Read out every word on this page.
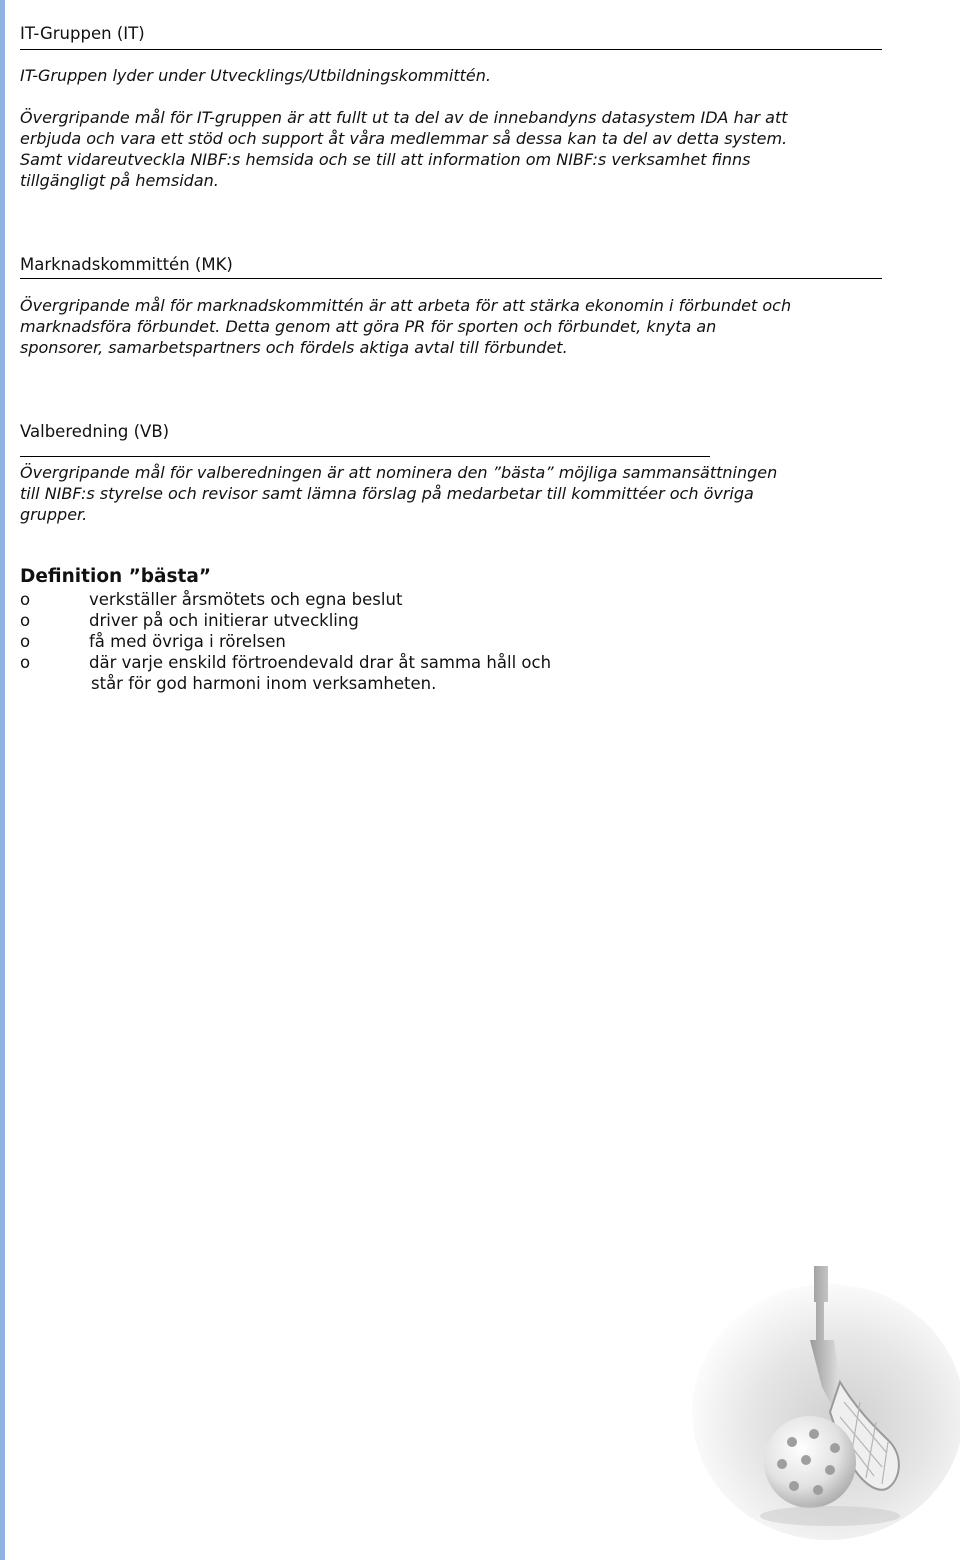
IT-Gruppen (IT)
IT-Gruppen lyder under Utvecklings/Utbildningskommittén.

Övergripande mål för IT-gruppen är att fullt ut ta del av de innebandyns datasystem IDA har att
erbjuda och vara ett stöd och support åt våra medlemmar så dessa kan ta del av detta system.
Samt vidareutveckla NIBF:s hemsida och se till att information om NIBF:s verksamhet finns
tillgängligt på hemsidan.
Marknadskommittén (MK)
Övergripande mål för marknadskommittén är att arbeta för att stärka ekonomin i förbundet och
marknadsföra förbundet. Detta genom att göra PR för sporten och förbundet, knyta an
sponsorer, samarbetspartners och fördels aktiga avtal till förbundet.
Valberedning (VB)
Övergripande mål för valberedningen är att nominera den ”bästa” möjliga sammansättningen
till NIBF:s styrelse och revisor samt lämna förslag på medarbetar till kommittéer och övriga
grupper.
Definition ”bästa”
o	verkställer årsmötets och egna beslut
o	driver på och initierar utveckling
o	få med övriga i rörelsen
o	där varje enskild förtroendevald drar åt samma håll och
står för god harmoni inom verksamheten.
